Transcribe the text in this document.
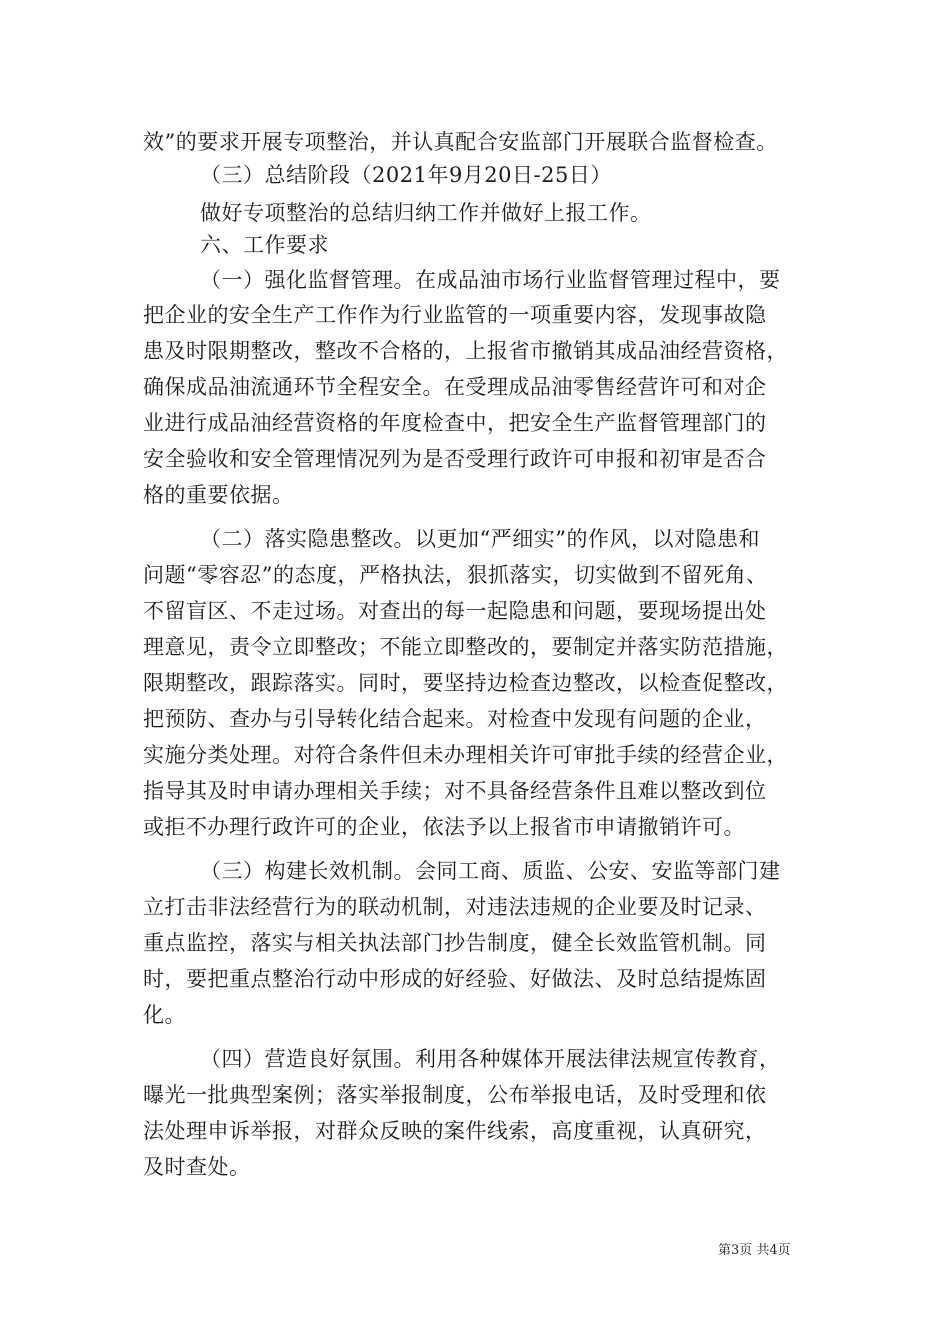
效”的要求开展专项整治，并认真配合安监部门开展联合监督检查。
（三）总结阶段（2021年9月20日-25日）
做好专项整治的总结归纳工作并做好上报工作。
六、工作要求
（一）强化监督管理。在成品油市场行业监督管理过程中，要
把企业的安全生产工作作为行业监管的一项重要内容，发现事故隐
患及时限期整改，整改不合格的，上报省市撤销其成品油经营资格，
确保成品油流通环节全程安全。在受理成品油零售经营许可和对企
业进行成品油经营资格的年度检查中，把安全生产监督管理部门的
安全验收和安全管理情况列为是否受理行政许可申报和初审是否合
格的重要依据。
（二）落实隐患整改。以更加“严细实”的作风，以对隐患和
问题“零容忍”的态度，严格执法，狠抓落实，切实做到不留死角、
不留盲区、不走过场。对查出的每一起隐患和问题，要现场提出处
理意见，责令立即整改；不能立即整改的，要制定并落实防范措施，
限期整改，跟踪落实。同时，要坚持边检查边整改，以检查促整改，
把预防、查办与引导转化结合起来。对检查中发现有问题的企业，
实施分类处理。对符合条件但未办理相关许可审批手续的经营企业，
指导其及时申请办理相关手续；对不具备经营条件且难以整改到位
或拒不办理行政许可的企业，依法予以上报省市申请撤销许可。
（三）构建长效机制。会同工商、质监、公安、安监等部门建
立打击非法经营行为的联动机制，对违法违规的企业要及时记录、
重点监控，落实与相关执法部门抄告制度，健全长效监管机制。同
时，要把重点整治行动中形成的好经验、好做法、及时总结提炼固
化。
（四）营造良好氛围。利用各种媒体开展法律法规宣传教育，
曝光一批典型案例；落实举报制度，公布举报电话，及时受理和依
法处理申诉举报，对群众反映的案件线索，高度重视，认真研究，
及时查处。
第3页 共4页
